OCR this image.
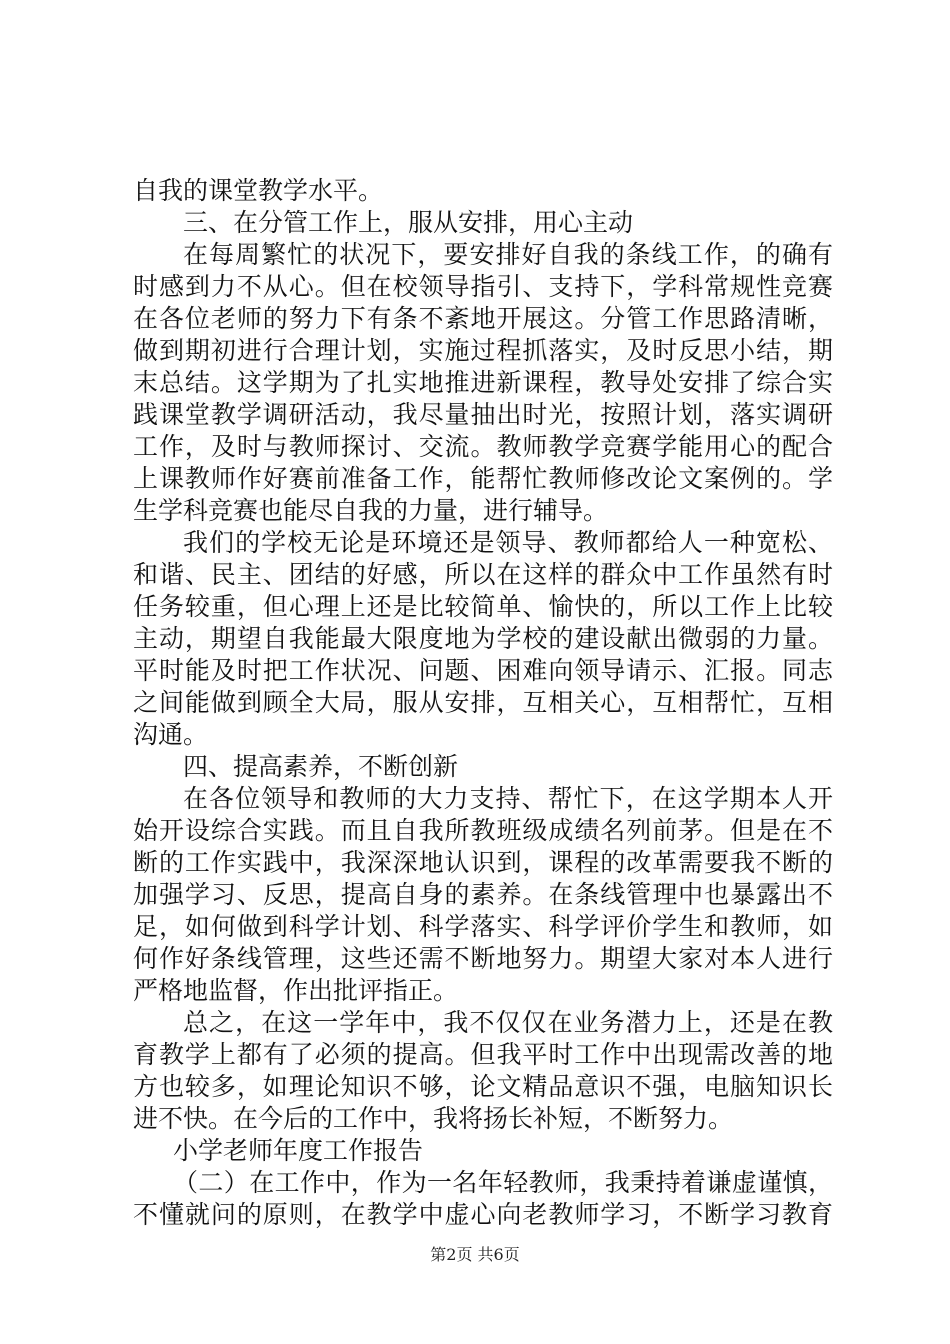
自我的课堂教学水平。
三、在分管工作上，服从安排，用心主动
在每周繁忙的状况下，要安排好自我的条线工作，的确有
时感到力不从心。但在校领导指引、支持下，学科常规性竞赛
在各位老师的努力下有条不紊地开展这。分管工作思路清晰，
做到期初进行合理计划，实施过程抓落实，及时反思小结，期
末总结。这学期为了扎实地推进新课程，教导处安排了综合实
践课堂教学调研活动，我尽量抽出时光，按照计划，落实调研
工作，及时与教师探讨、交流。教师教学竞赛学能用心的配合
上课教师作好赛前准备工作，能帮忙教师修改论文案例的。学
生学科竞赛也能尽自我的力量，进行辅导。
我们的学校无论是环境还是领导、教师都给人一种宽松、
和谐、民主、团结的好感，所以在这样的群众中工作虽然有时
任务较重，但心理上还是比较简单、愉快的，所以工作上比较
主动，期望自我能最大限度地为学校的建设献出微弱的力量。
平时能及时把工作状况、问题、困难向领导请示、汇报。同志
之间能做到顾全大局，服从安排，互相关心，互相帮忙，互相
沟通。
四、提高素养，不断创新
在各位领导和教师的大力支持、帮忙下，在这学期本人开
始开设综合实践。而且自我所教班级成绩名列前茅。但是在不
断的工作实践中，我深深地认识到，课程的改革需要我不断的
加强学习、反思，提高自身的素养。在条线管理中也暴露出不
足，如何做到科学计划、科学落实、科学评价学生和教师，如
何作好条线管理，这些还需不断地努力。期望大家对本人进行
严格地监督，作出批评指正。
总之，在这一学年中，我不仅仅在业务潜力上，还是在教
育教学上都有了必须的提高。但我平时工作中出现需改善的地
方也较多，如理论知识不够，论文精品意识不强，电脑知识长
进不快。在今后的工作中，我将扬长补短，不断努力。
小学老师年度工作报告
（二）在工作中，作为一名年轻教师，我秉持着谦虚谨慎，
不懂就问的原则，在教学中虚心向老教师学习，不断学习教育
第2页 共6页
